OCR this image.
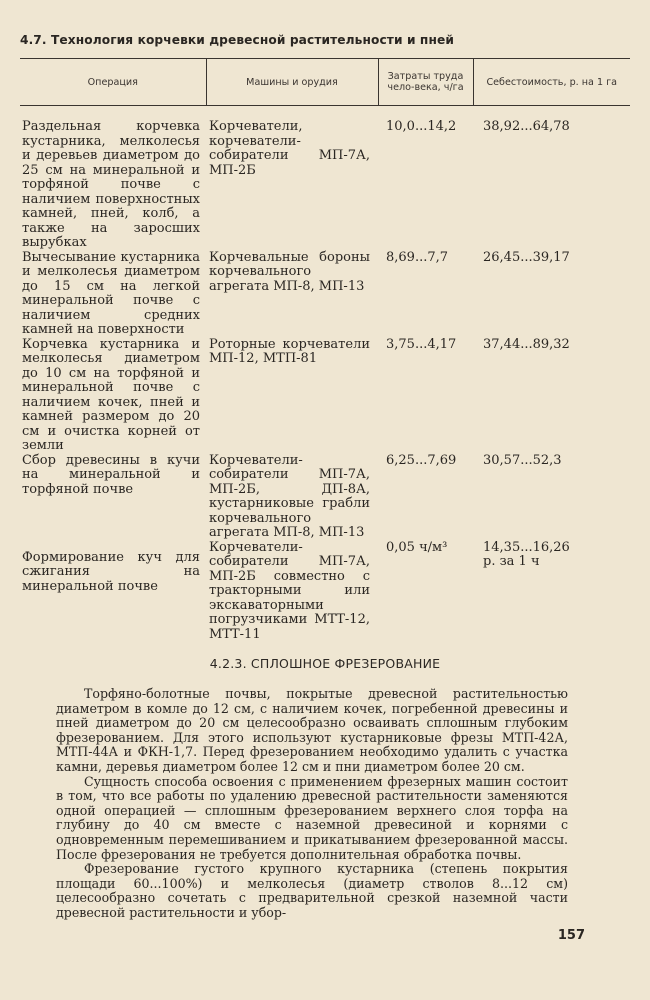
4.7. Технология корчевки древесной растительности и пней
Операция	Машины и орудия	Затраты труда чело-века, ч/га	Себестоимость, р. на 1 га
Раздельная корчевка кустарника, мелколесья и деревьев диаметром до 25 см на минеральной и торфяной почве с наличием поверхностных камней, пней, колб, а также на заросших вырубках	Корчеватели, корчеватели-собиратели МП-7А, МП-2Б	10,0...14,2	38,92...64,78
Вычесывание кустарника и мелколесья диаметром до 15 см на легкой минеральной почве с наличием средних камней на поверхности	Корчевальные бороны корчевального агрегата МП-8, МП-13	8,69...7,7	26,45...39,17
Корчевка кустарника и мелколесья диаметром до 10 см на торфяной и минеральной почве с наличием кочек, пней и камней размером до 20 см и очистка корней от земли	Роторные корчеватели МП-12, МТП-81	3,75...4,17	37,44...89,32
Сбор древесины в кучи на минеральной и торфяной почве	Корчеватели-собиратели МП-7А, МП-2Б, ДП-8А, кустарниковые грабли корчевального агрегата МП-8, МП-13	6,25...7,69	30,57...52,3
Формирование куч для сжигания на минеральной почве	Корчеватели-собиратели МП-7А, МП-2Б совместно с тракторными или экскаваторными погрузчиками МТТ-12, МТТ-11	0,05 ч/м³	14,35...16,26
р. за 1 ч
4.2.3. СПЛОШНОЕ ФРЕЗЕРОВАНИЕ

Торфяно-болотные почвы, покрытые древесной растительностью диаметром в комле до 12 см, с наличием кочек, погребенной древесины и пней диаметром до 20 см целесообразно осваивать сплошным глубоким фрезерованием. Для этого используют кустарниковые фрезы МТП-42А, МТП-44А и ФКН-1,7. Перед фрезерованием необходимо удалить с участка камни, деревья диаметром более 12 см и пни диаметром более 20 см.

Сущность способа освоения с применением фрезерных машин состоит в том, что все работы по удалению древесной растительности заменяются одной операцией — сплошным фрезерованием верхнего слоя торфа на глубину до 40 см вместе с наземной древесиной и корнями с одновременным перемешиванием и прикатыванием фрезерованной массы. После фрезерования не требуется дополнительная обработка почвы.

Фрезерование густого крупного кустарника (степень покрытия площади 60...100%) и мелколесья (диаметр стволов 8...12 см) целесообразно сочетать с предварительной срезкой наземной части древесной растительности и убор-

157
